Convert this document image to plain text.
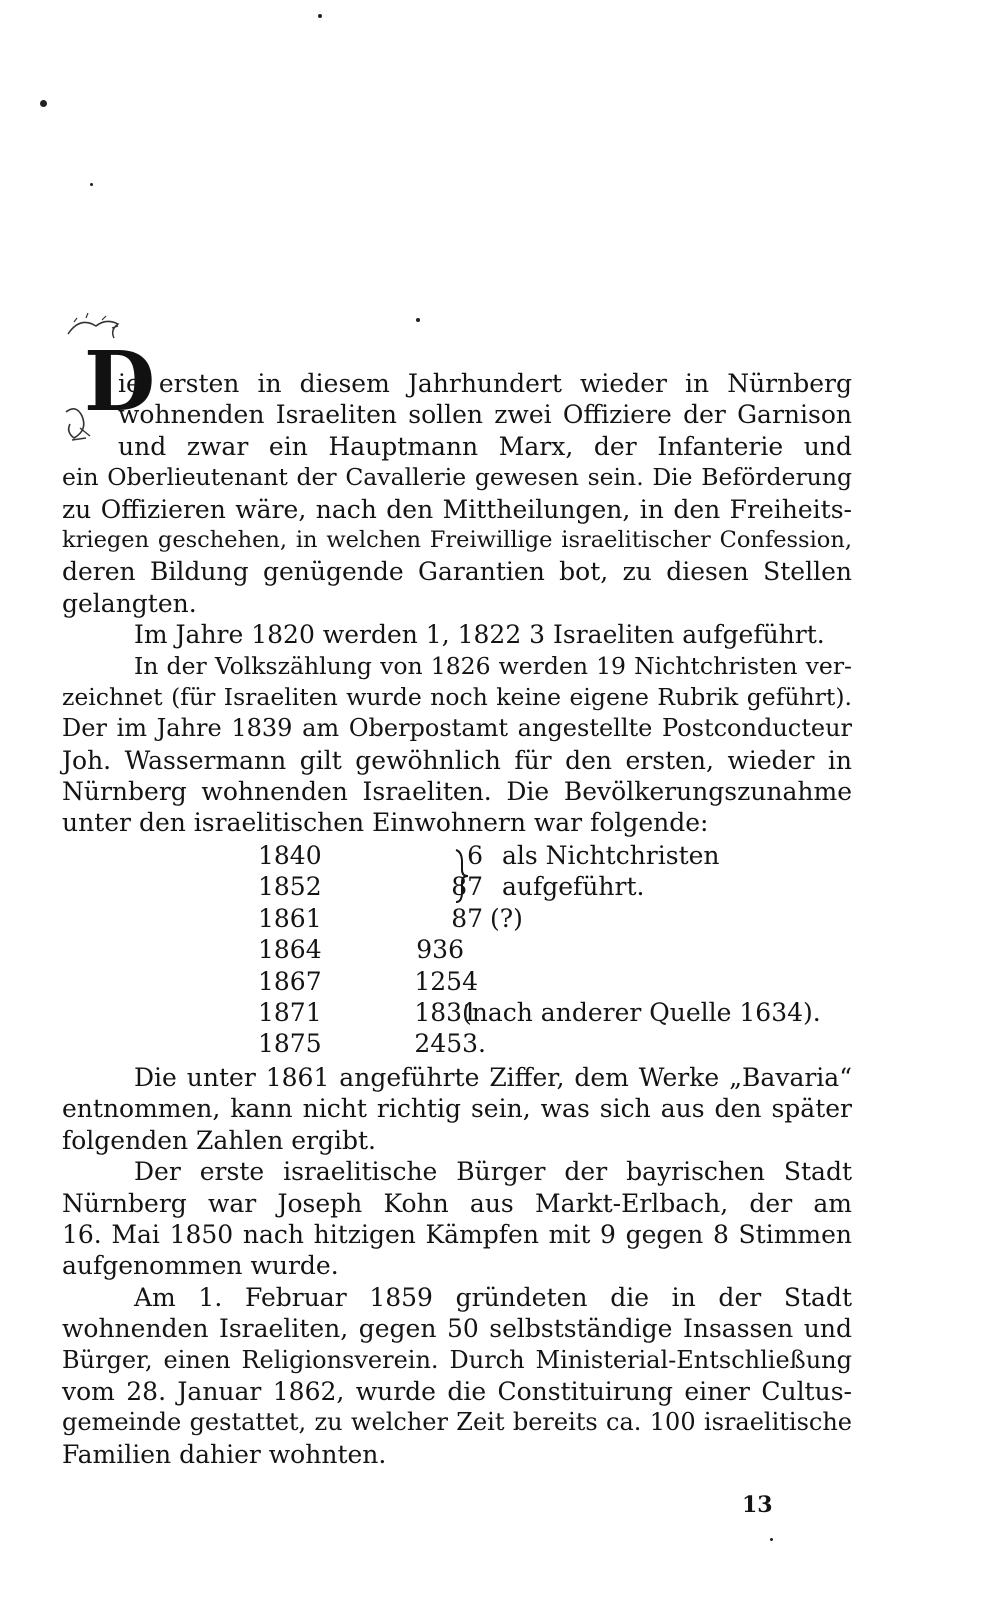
D
ie ersten in diesem Jahrhundert wieder in Nürnberg
wohnenden Israeliten sollen zwei Offiziere der Garnison
und zwar ein Hauptmann Marx, der Infanterie und
ein Oberlieutenant der Cavallerie gewesen sein. Die Beförderung
zu Offizieren wäre, nach den Mittheilungen, in den Freiheits-
kriegen geschehen, in welchen Freiwillige israelitischer Confession,
deren Bildung genügende Garantien bot, zu diesen Stellen
gelangten.
Im Jahre 1820 werden 1, 1822 3 Israeliten aufgeführt.
In der Volkszählung von 1826 werden 19 Nichtchristen ver-
zeichnet (für Israeliten wurde noch keine eigene Rubrik geführt).
Der im Jahre 1839 am Oberpostamt angestellte Postconducteur
Joh. Wassermann gilt gewöhnlich für den ersten, wieder in
Nürnberg wohnenden Israeliten. Die Bevölkerungszunahme
unter den israelitischen Einwohnern war folgende:
1840	6 als Nichtchristen
1852	87 aufgeführt.
1861	87 (?)
1864	936
1867	1254
1871	1831
(nach anderer Quelle 1634).
1875	2453.
Die unter 1861 angeführte Ziffer, dem Werke „Bavaria“
entnommen, kann nicht richtig sein, was sich aus den später
folgenden Zahlen ergibt.
Der erste israelitische Bürger der bayrischen Stadt
Nürnberg war Joseph Kohn aus Markt-Erlbach, der am
16. Mai 1850 nach hitzigen Kämpfen mit 9 gegen 8 Stimmen
aufgenommen wurde.
Am 1. Februar 1859 gründeten die in der Stadt
wohnenden Israeliten, gegen 50 selbstständige Insassen und
Bürger, einen Religionsverein. Durch Ministerial-Entschließung
vom 28. Januar 1862, wurde die Constituirung einer Cultus-
gemeinde gestattet, zu welcher Zeit bereits ca. 100 israelitische
Familien dahier wohnten.
13
